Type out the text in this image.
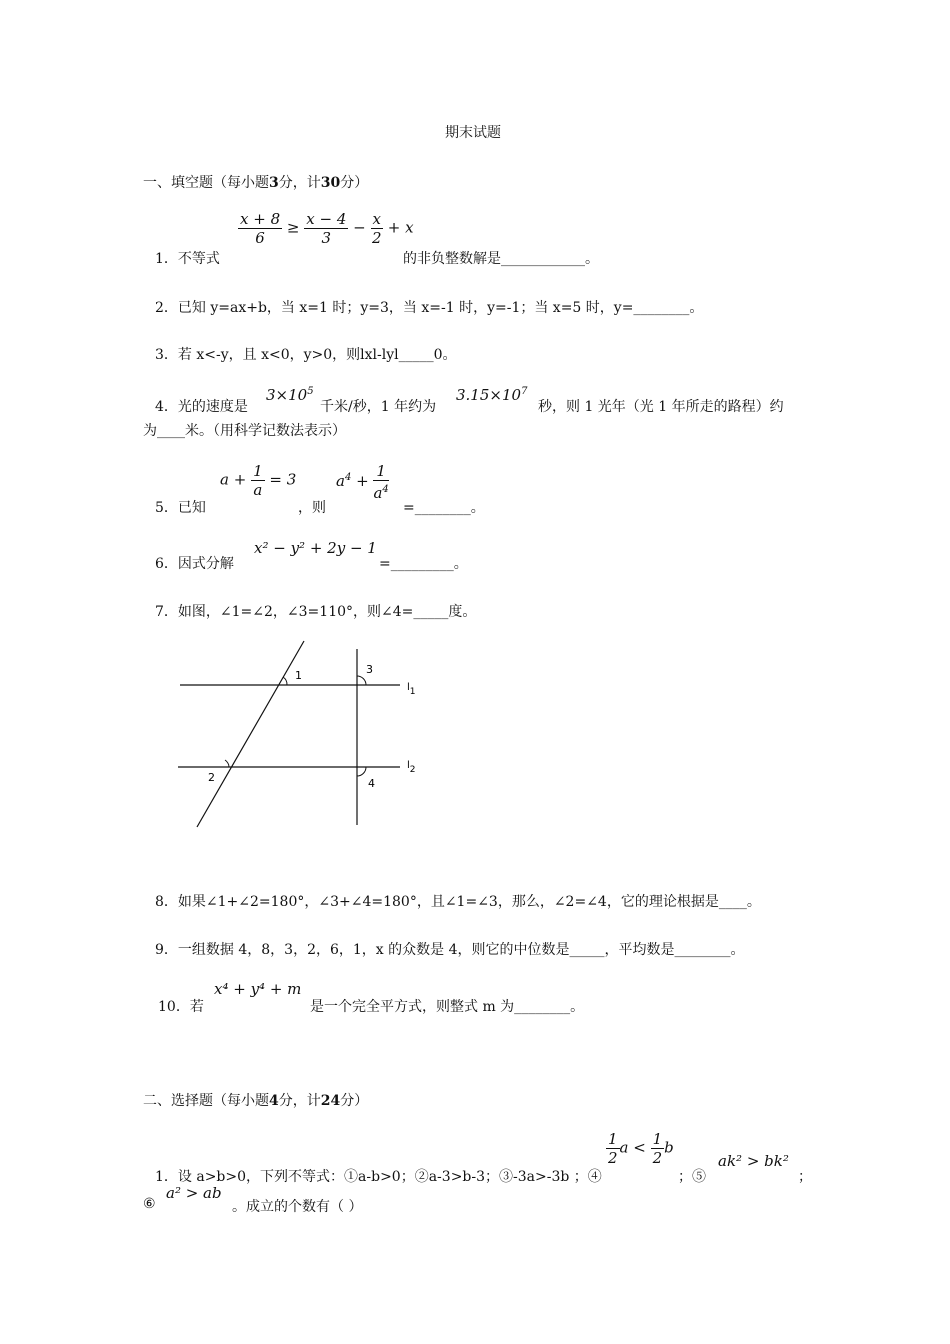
期末试题
一、填空题（每小题3分，计30分）
1．不等式
$\frac{x + 8}{6} \ge \frac{x - 4}{3} - \frac{x}{2} + x$
的非负整数解是____________。
2．已知 y=ax+b，当 x=1 时；y=3，当 x=-1 时，y=-1；当 x=5 时，y=________。
3．若 x<-y，且 x<0，y>0，则lxl-lyl_____0。
4．光的速度是
$3\times 10^5$
千米/秒，1 年约为
$3.15\times 10^7$
秒，则 1 光年（光 1 年所走的路程）约
为____米。（用科学记数法表示）
5．已知
$a + \frac{1}{a} = 3$
，则
$a^4 + \frac{1}{a^4}$
=________。
6．因式分解
x² − y² + 2y − 1
=_________。
7．如图，∠1=∠2，∠3=110°，则∠4=_____度。
1
2
3
4
l1
l2
8．如果∠1+∠2=180°，∠3+∠4=180°，且∠1=∠3，那么，∠2=∠4，它的理论根据是____。
9．一组数据 4，8，3，2，6，1，x 的众数是 4，则它的中位数是_____，平均数是________。
10．若
x⁴ + y⁴ + m
是一个完全平方式，则整式 m 为________。
二、选择题（每小题4分，计24分）
1．设 a>b>0，下列不等式：①a-b>0；②a-3>b-3；③-3a>-3b ；④
$\frac{1}{2}$ $a < \frac{1}{2}$ b
；⑤
ak² > bk²
；
⑥
a² > ab
。成立的个数有（ ）
